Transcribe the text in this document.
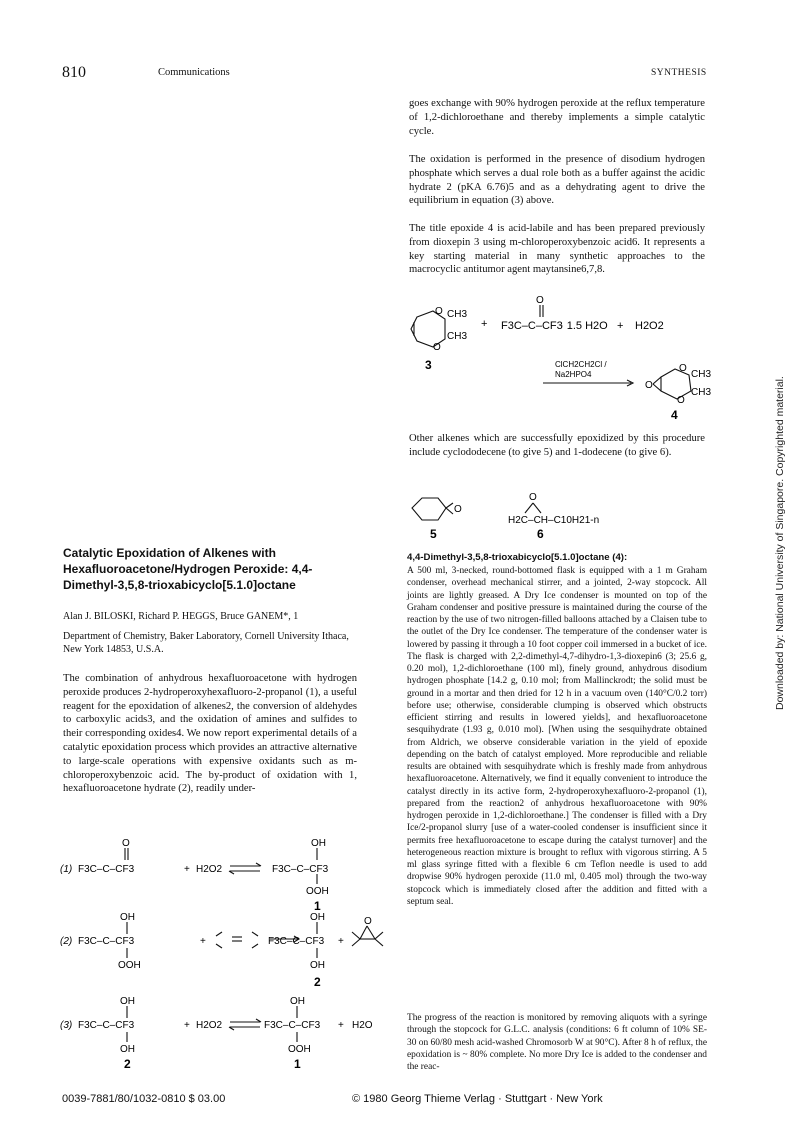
810	Communications	SYNTHESIS
Downloaded by: National University of Singapore. Copyrighted material.

goes exchange with 90% hydrogen peroxide at the reflux temperature of 1,2-dichloroethane and thereby implements a simple catalytic cycle.

The oxidation is performed in the presence of disodium hydrogen phosphate which serves a dual role both as a buffer against the acidic hydrate 2 (pKA 6.76)5 and as a dehydrating agent to drive the equilibrium in equation (3) above.

The title epoxide 4 is acid-labile and has been prepared previously from dioxepin 3 using m-chloroperoxybenzoic acid6. It represents a key starting material in many synthetic approaches to the macrocyclic antitumor agent maytansine6,7,8.

O CH3
O
CH3
3
+
O
F3C–C–CF3
· 1.5 H2O + H2O2
ClCH2CH2Cl /
Na2HPO4
O
O
CH3
O
CH3
4

Other alkenes which are successfully epoxidized by this procedure include cyclododecene (to give 5) and 1-dodecene (to give 6).

O
5
O
H2C–CH–C10H21-n
6
Catalytic Epoxidation of Alkenes with Hexafluoroacetone/Hydrogen Peroxide: 4,4-Dimethyl-3,5,8-trioxabicyclo[5.1.0]octane
Alan J. BILOSKI, Richard P. HEGGS, Bruce GANEM*, 1
Department of Chemistry, Baker Laboratory, Cornell University Ithaca, New York 14853, U.S.A.

The combination of anhydrous hexafluoroacetone with hydrogen peroxide produces 2-hydroperoxyhexafluoro-2-propanol (1), a useful reagent for the epoxidation of alkenes2, the conversion of aldehydes to carboxylic acids3, and the oxidation of amines and sulfides to their corresponding oxides4. We now report experimental details of a catalytic epoxidation process which provides an attractive alternative to large-scale operations with expensive oxidants such as m-chloroperoxybenzoic acid. The by-product of oxidation with 1, hexafluoroacetone hydrate (2), readily under-

O
(1) F3C–C–CF3	+ H2O2
OH
F3C–C–CF3
OOH
1
OH
(2) F3C–C–CF3
OOH
+
OH
F3C–C–CF3
OH
+
O
2
OH
(3) F3C–C–CF3
OH
2
+ H2O2
OH
F3C–C–CF3
OOH
1
+ H2O
4,4-Dimethyl-3,5,8-trioxabicyclo[5.1.0]octane (4):

A 500 ml, 3-necked, round-bottomed flask is equipped with a 1 m Graham condenser, overhead mechanical stirrer, and a jointed, 2-way stopcock. All joints are lightly greased. A Dry Ice condenser is mounted on top of the Graham condenser and positive pressure is maintained during the course of the reaction by the use of two nitrogen-filled balloons attached by a Claisen tube to the outlet of the Dry Ice condenser. The temperature of the condenser water is lowered by passing it through a 10 foot copper coil immersed in a bucket of ice. The flask is charged with 2,2-dimethyl-4,7-dihydro-1,3-dioxepin6 (3; 25.6 g, 0.20 mol), 1,2-dichloroethane (100 ml), finely ground, anhydrous disodium hydrogen phosphate [14.2 g, 0.10 mol; from Mallinckrodt; the solid must be ground in a mortar and then dried for 12 h in a vacuum oven (140°C/0.2 torr) before use; otherwise, considerable clumping is observed which obstructs efficient stirring and results in lowered yields], and hexafluoroacetone sesquihydrate (1.93 g, 0.010 mol). [When using the sesquihydrate obtained from Aldrich, we observe considerable variation in the yield of epoxide depending on the batch of catalyst employed. More reproducible and reliable results are obtained with sesquihydrate which is freshly made from anhydrous hexafluoroacetone. Alternatively, we find it equally convenient to introduce the catalyst directly in its active form, 2-hydroperoxyhexafluoro-2-propanol (1), prepared from the reaction2 of anhydrous hexafluoroacetone with 90% hydrogen peroxide in 1,2-dichloroethane.] The condenser is filled with a Dry Ice/2-propanol slurry [use of a water-cooled condenser is insufficient since it permits free hexafluoroacetone to escape during the catalyst turnover] and the heterogeneous reaction mixture is brought to reflux with vigorous stirring. A 5 ml glass syringe fitted with a flexible 6 cm Teflon needle is used to add dropwise 90% hydrogen peroxide (11.0 ml, 0.405 mol) through the two-way stopcock which is immediately closed after the addition and fitted with a septum seal.

The progress of the reaction is monitored by removing aliquots with a syringe through the stopcock for G.L.C. analysis (conditions: 6 ft column of 10% SE-30 on 60/80 mesh acid-washed Chromosorb W at 90°C). After 8 h of reflux, the epoxidation is ~ 80% complete. No more Dry Ice is added to the condenser and the reac-

0039-7881/80/1032-0810 $ 03.00	© 1980 Georg Thieme Verlag · Stuttgart · New York
